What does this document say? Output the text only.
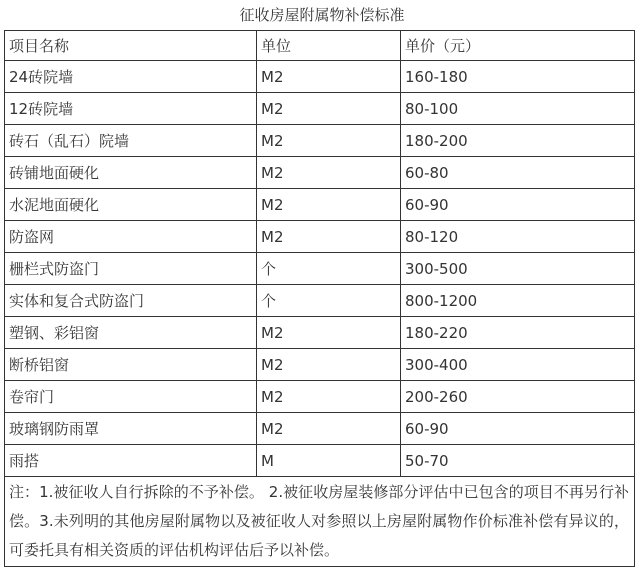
征收房屋附属物补偿标准
项目名称	单位	单价（元）
24砖院墙	M2	160-180
12砖院墙	M2	80-100
砖石（乱石）院墙	M2	180-200
砖铺地面硬化	M2	60-80
水泥地面硬化	M2	60-90
防盗网	M2	80-120
栅栏式防盗门	个	300-500
实体和复合式防盗门	个	800-1200
塑钢、彩铝窗	M2	180-220
断桥铝窗	M2	300-400
卷帘门	M2	200-260
玻璃钢防雨罩	M2	60-90
雨搭	M	50-70
注：1.被征收人自行拆除的不予补偿。 2.被征收房屋装修部分评估中已包含的项目不再另行补偿。3.未列明的其他房屋附属物以及被征收人对参照以上房屋附属物作价标准补偿有异议的，可委托具有相关资质的评估机构评估后予以补偿。		
